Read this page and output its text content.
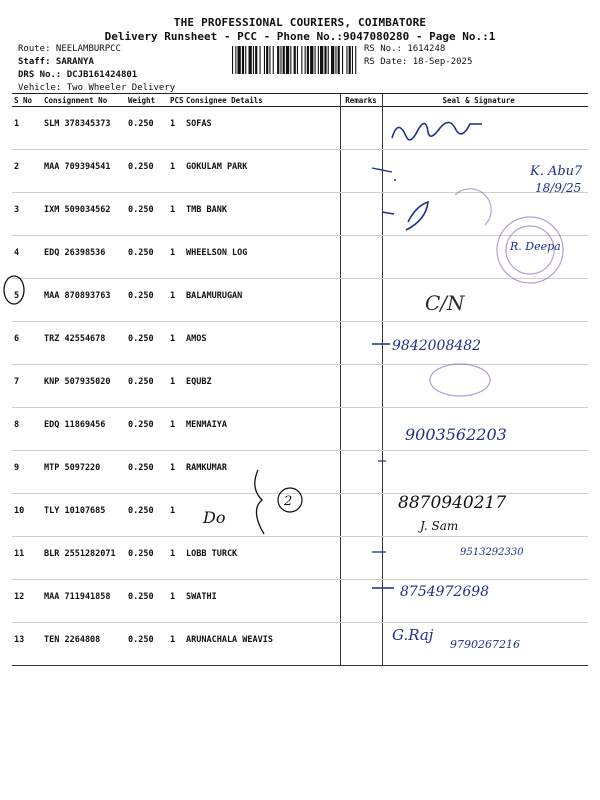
THE PROFESSIONAL COURIERS, COIMBATORE
Delivery Runsheet - PCC - Phone No.:9047080280 - Page No.:1
Route: NEELAMBURPCC
Staff: SARANYA
DRS No.: DCJB161424801
Vehicle: Two Wheeler Delivery
RS No.: 1614248
RS Date: 18-Sep-2025
S No	Consignment No	Weight	PCS	Consignee Details	Remarks	Seal & Signature
1	SLM 378345373	0.250	1	SOFAS		
2	MAA 709394541	0.250	1	GOKULAM PARK		
3	IXM 509034562	0.250	1	TMB BANK		
4	EDQ 26398536	0.250	1	WHEELSON LOG		
5	MAA 870893763	0.250	1	BALAMURUGAN		
6	TRZ 42554678	0.250	1	AMOS		
7	KNP 507935020	0.250	1	EQUBZ		
8	EDQ 11869456	0.250	1	MENMAIYA		
9	MTP 5097220	0.250	1	RAMKUMAR		
10	TLY 10107685	0.250	1			
11	BLR 2551282071	0.250	1	LOBB TURCK		
12	MAA 711941858	0.250	1	SWATHI		
13	TEN 2264808	0.250	1	ARUNACHALA WEAVIS		
K. Abu7
18/9/25
R. Deepa
C/N
9842008482
9003562203
Do
2	8870940217
J. Sam
9513292330
8754972698
G.Raj
9790267216
